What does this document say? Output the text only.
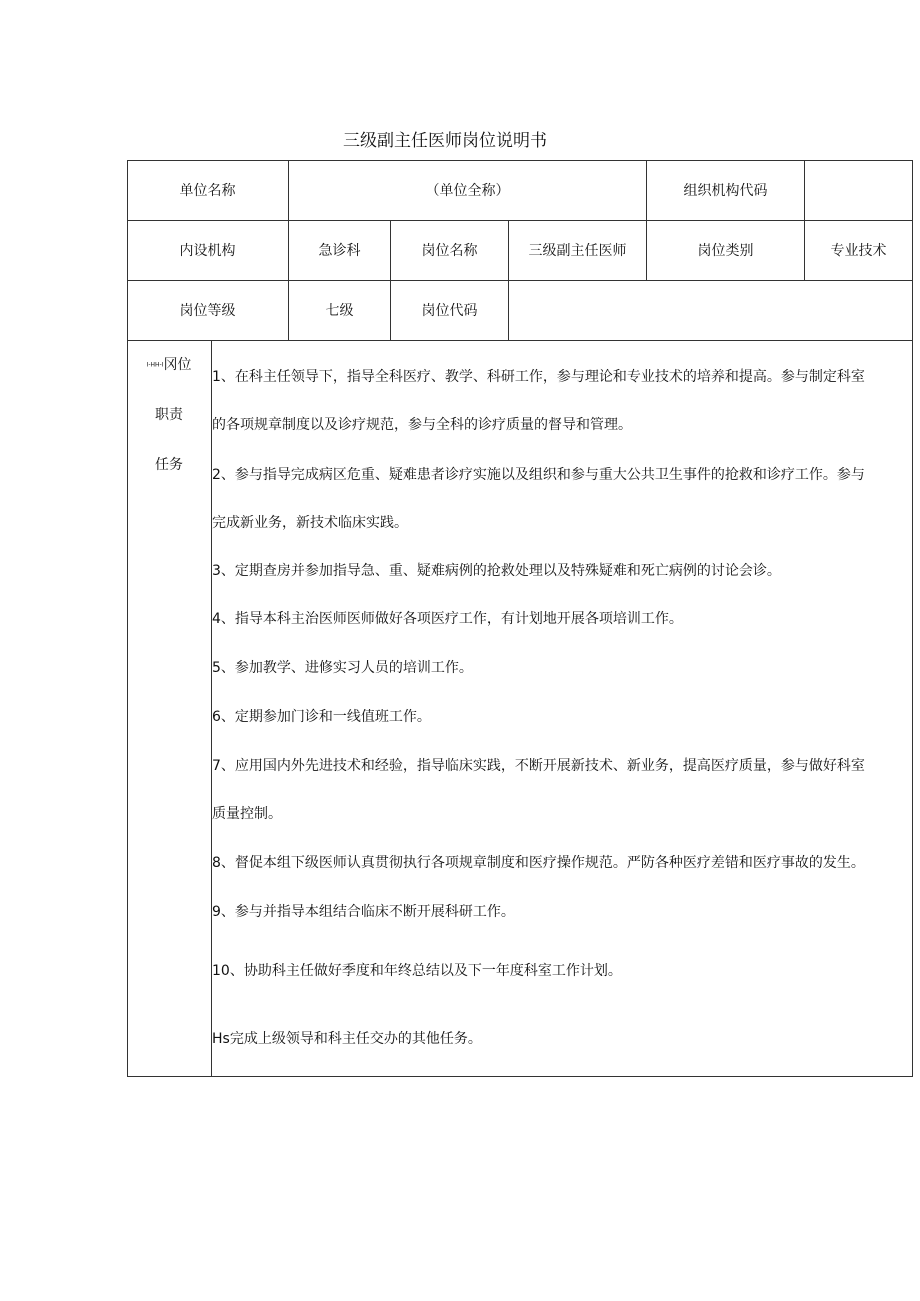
三级副主任医师岗位说明书
单位名称	（单位全称）	组织机构代码
内设机构	急诊科	岗位名称	三级副主任医师	岗位类别	专业技术
岗位等级	七级	岗位代码
I-HH-I冈位
职责
任务
1、在科主任领导下，指导全科医疗、教学、科研工作，参与理论和专业技术的培养和提高。参与制定科室
的各项规章制度以及诊疗规范，参与全科的诊疗质量的督导和管理。
2、参与指导完成病区危重、疑难患者诊疗实施以及组织和参与重大公共卫生事件的抢救和诊疗工作。参与
完成新业务，新技术临床实践。
3、定期查房并参加指导急、重、疑难病例的抢救处理以及特殊疑难和死亡病例的讨论会诊。
4、指导本科主治医师医师做好各项医疗工作，有计划地开展各项培训工作。
5、参加教学、进修实习人员的培训工作。
6、定期参加门诊和一线值班工作。
7、应用国内外先进技术和经验，指导临床实践，不断开展新技术、新业务，提高医疗质量，参与做好科室
质量控制。
8、督促本组下级医师认真贯彻执行各项规章制度和医疗操作规范。严防各种医疗差错和医疗事故的发生。
9、参与并指导本组结合临床不断开展科研工作。
10、协助科主任做好季度和年终总结以及下一年度科室工作计划。
Hs完成上级领导和科主任交办的其他任务。
